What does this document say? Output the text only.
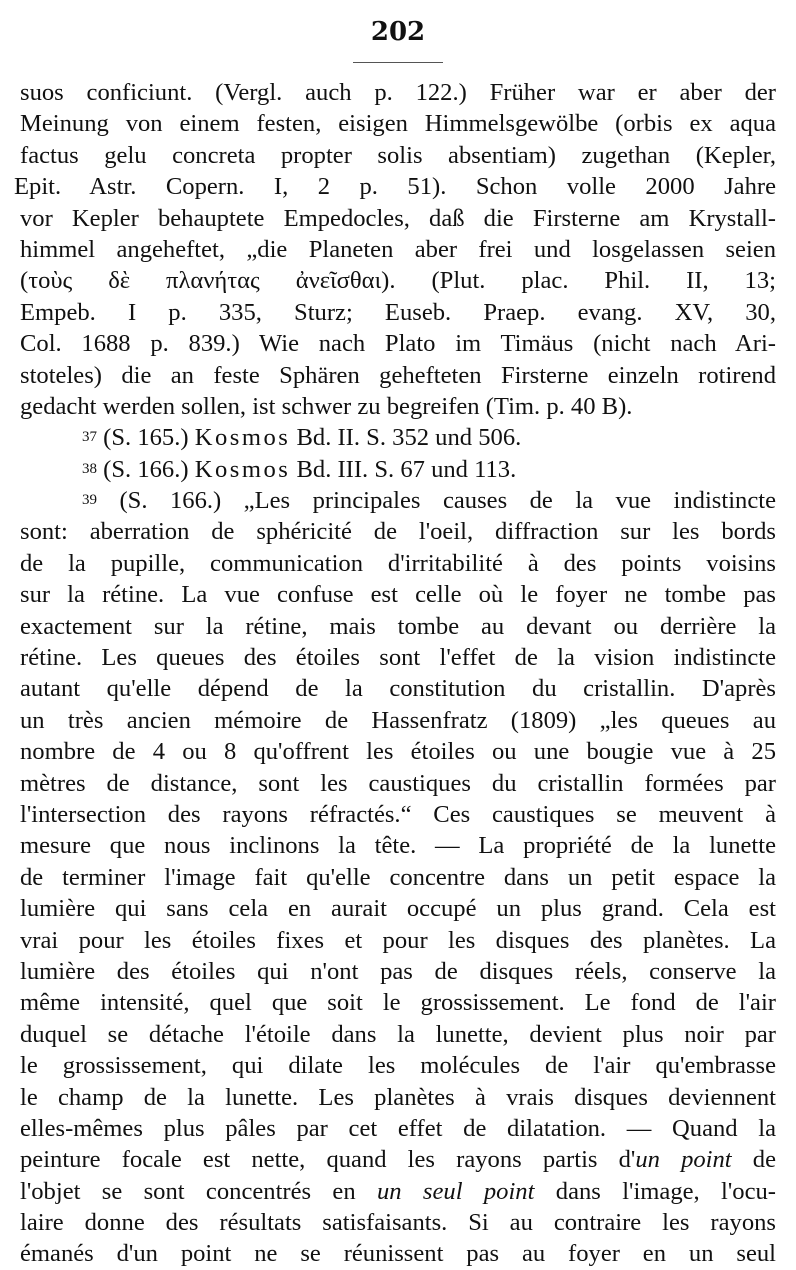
202
suos conficiunt. (Vergl. auch p. 122.) Früher war er aber der
Meinung von einem festen, eisigen Himmelsgewölbe (orbis ex aqua
factus gelu concreta propter solis absentiam) zugethan (Kepler,
Epit. Astr. Copern. I, 2 p. 51). Schon volle 2000 Jahre
vor Kepler behauptete Empedocles, daß die Firsterne am Krystall-
himmel angeheftet, „die Planeten aber frei und losgelassen seien
(τοὺς δὲ πλανήτας ἀνεῖσθαι). (Plut. plac. Phil. II, 13;
Empeb. I p. 335, Sturz; Euseb. Praep. evang. XV, 30,
Col. 1688 p. 839.) Wie nach Plato im Timäus (nicht nach Ari-
stoteles) die an feste Sphären gehefteten Firsterne einzeln rotirend
gedacht werden sollen, ist schwer zu begreifen (Tim. p. 40 B).
37 (S. 165.) Kosmos Bd. II. S. 352 und 506.
38 (S. 166.) Kosmos Bd. III. S. 67 und 113.
39 (S. 166.) „Les principales causes de la vue indistincte
sont: aberration de sphéricité de l'oeil, diffraction sur les bords
de la pupille, communication d'irritabilité à des points voisins
sur la rétine. La vue confuse est celle où le foyer ne tombe pas
exactement sur la rétine, mais tombe au devant ou derrière la
rétine. Les queues des étoiles sont l'effet de la vision indistincte
autant qu'elle dépend de la constitution du cristallin. D'après
un très ancien mémoire de Hassenfratz (1809) „les queues au
nombre de 4 ou 8 qu'offrent les étoiles ou une bougie vue à 25
mètres de distance, sont les caustiques du cristallin formées par
l'intersection des rayons réfractés.“ Ces caustiques se meuvent à
mesure que nous inclinons la tête. — La propriété de la lunette
de terminer l'image fait qu'elle concentre dans un petit espace la
lumière qui sans cela en aurait occupé un plus grand. Cela est
vrai pour les étoiles fixes et pour les disques des planètes. La
lumière des étoiles qui n'ont pas de disques réels, conserve la
même intensité, quel que soit le grossissement. Le fond de l'air
duquel se détache l'étoile dans la lunette, devient plus noir par
le grossissement, qui dilate les molécules de l'air qu'embrasse
le champ de la lunette. Les planètes à vrais disques deviennent
elles-mêmes plus pâles par cet effet de dilatation. — Quand la
peinture focale est nette, quand les rayons partis d'un point de
l'objet se sont concentrés en un seul point dans l'image, l'ocu-
laire donne des résultats satisfaisants. Si au contraire les rayons
émanés d'un point ne se réunissent pas au foyer en un seul
